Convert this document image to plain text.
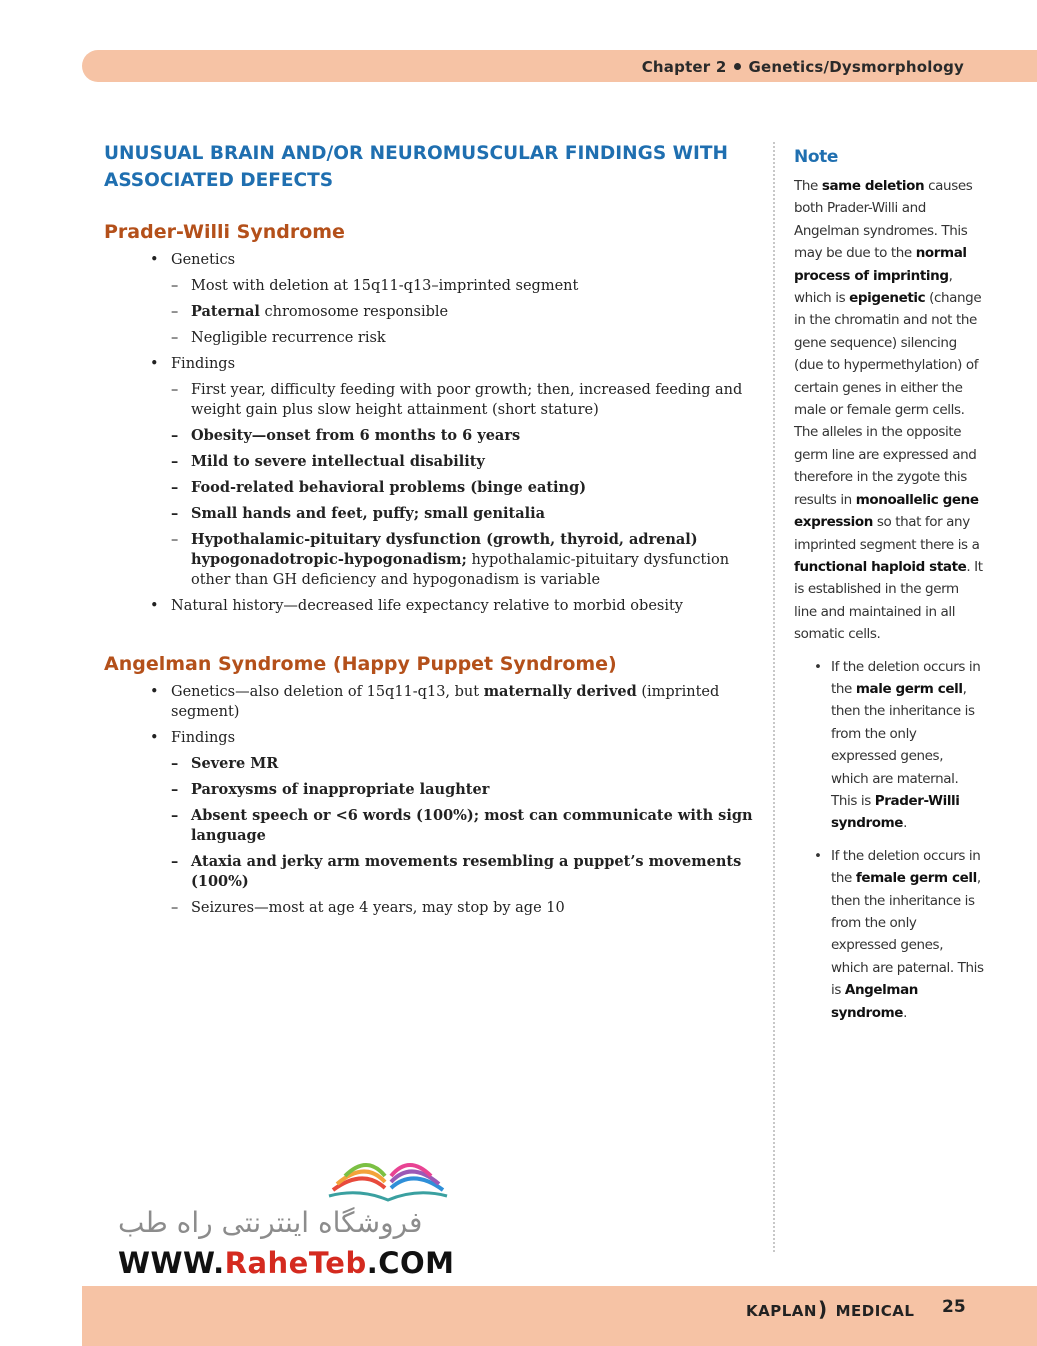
Chapter 2 Genetics/Dysmorphology
UNUSUAL BRAIN AND/OR NEUROMUSCULAR FINDINGS WITH ASSOCIATED DEFECTS
Prader-Willi Syndrome
• Genetics
– Most with deletion at 15q11-q13–imprinted segment
– Paternal chromosome responsible
– Negligible recurrence risk
• Findings
– First year, difficulty feeding with poor growth; then, increased feeding and weight gain plus slow height attainment (short stature)
– Obesity—onset from 6 months to 6 years
– Mild to severe intellectual disability
– Food-related behavioral problems (binge eating)
– Small hands and feet, puffy; small genitalia
– Hypothalamic-pituitary dysfunction (growth, thyroid, adrenal) hypogonadotropic-hypogonadism; hypothalamic-pituitary dysfunction other than GH deficiency and hypogonadism is variable
• Natural history—decreased life expectancy relative to morbid obesity
Angelman Syndrome (Happy Puppet Syndrome)
• Genetics—also deletion of 15q11-q13, but maternally derived (imprinted segment)
• Findings
– Severe MR
– Paroxysms of inappropriate laughter
– Absent speech or <6 words (100%); most can communicate with sign language
– Ataxia and jerky arm movements resembling a puppet’s movements (100%)
– Seizures—most at age 4 years, may stop by age 10
Note
The same deletion causes both Prader-Willi and Angelman syndromes. This may be due to the normal process of imprinting, which is epigenetic (change in the chromatin and not the gene sequence) silencing (due to hypermethylation) of certain genes in either the male or female germ cells. The alleles in the opposite germ line are expressed and therefore in the zygote this results in monoallelic gene expression so that for any imprinted segment there is a functional haploid state. It is established in the germ line and maintained in all somatic cells.
• If the deletion occurs in the male germ cell, then the inheritance is from the only expressed genes, which are maternal. This is Prader-Willi syndrome.
• If the deletion occurs in the female germ cell, then the inheritance is from the only expressed genes, which are paternal. This is Angelman syndrome.
فروشگاه اینترنتی راه طب
WWW.RaheTeb.COM
KAPLAN) MEDICAL 25
